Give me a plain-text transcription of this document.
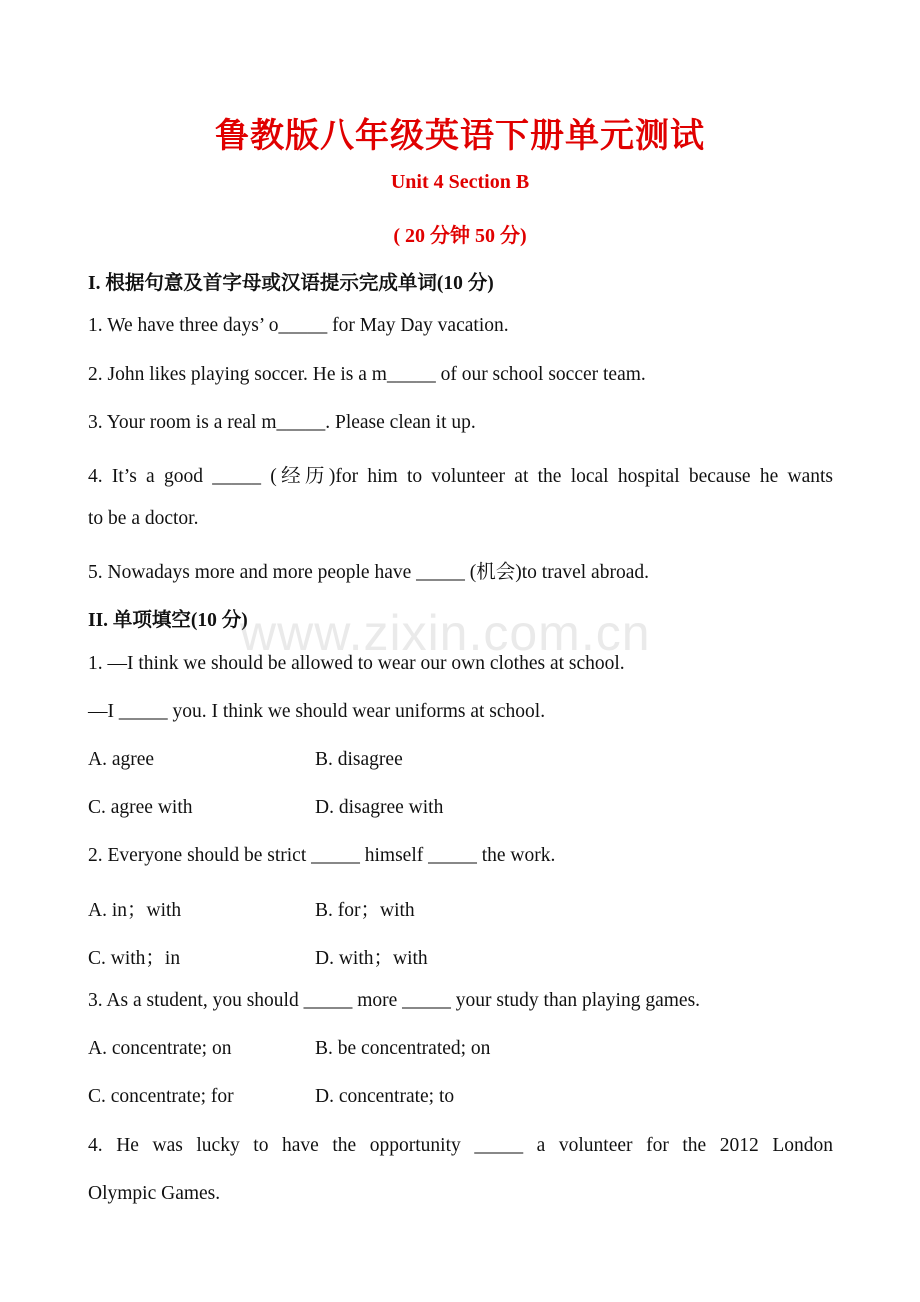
鲁教版八年级英语下册单元测试
Unit 4 Section B
( 20 分钟 50 分)
I. 根据句意及首字母或汉语提示完成单词(10 分)
1. We have three days’ o_____ for May Day vacation.
2. John likes playing soccer. He is a m_____ of our school soccer team.
3. Your room is a real m_____. Please clean it up.
4. It’s a good _____ (经历)for him to volunteer at the local hospital because he wants
to be a doctor.
5. Nowadays more and more people have _____ (机会)to travel abroad.
II. 单项填空(10 分)
1. —I think we should be allowed to wear our own clothes at school.
—I _____ you. I think we should wear uniforms at school.
A. agree	B. disagree
C. agree with	D. disagree with
2. Everyone should be strict _____ himself _____ the work.
A. in；with	B. for；with
C. with；in	D. with；with
3. As a student, you should _____ more _____ your study than playing games.
A. concentrate; on	B. be concentrated; on
C. concentrate; for	D. concentrate; to
4. He was lucky to have the opportunity _____ a volunteer for the 2012 London
Olympic Games.
www.zixin.com.cn
